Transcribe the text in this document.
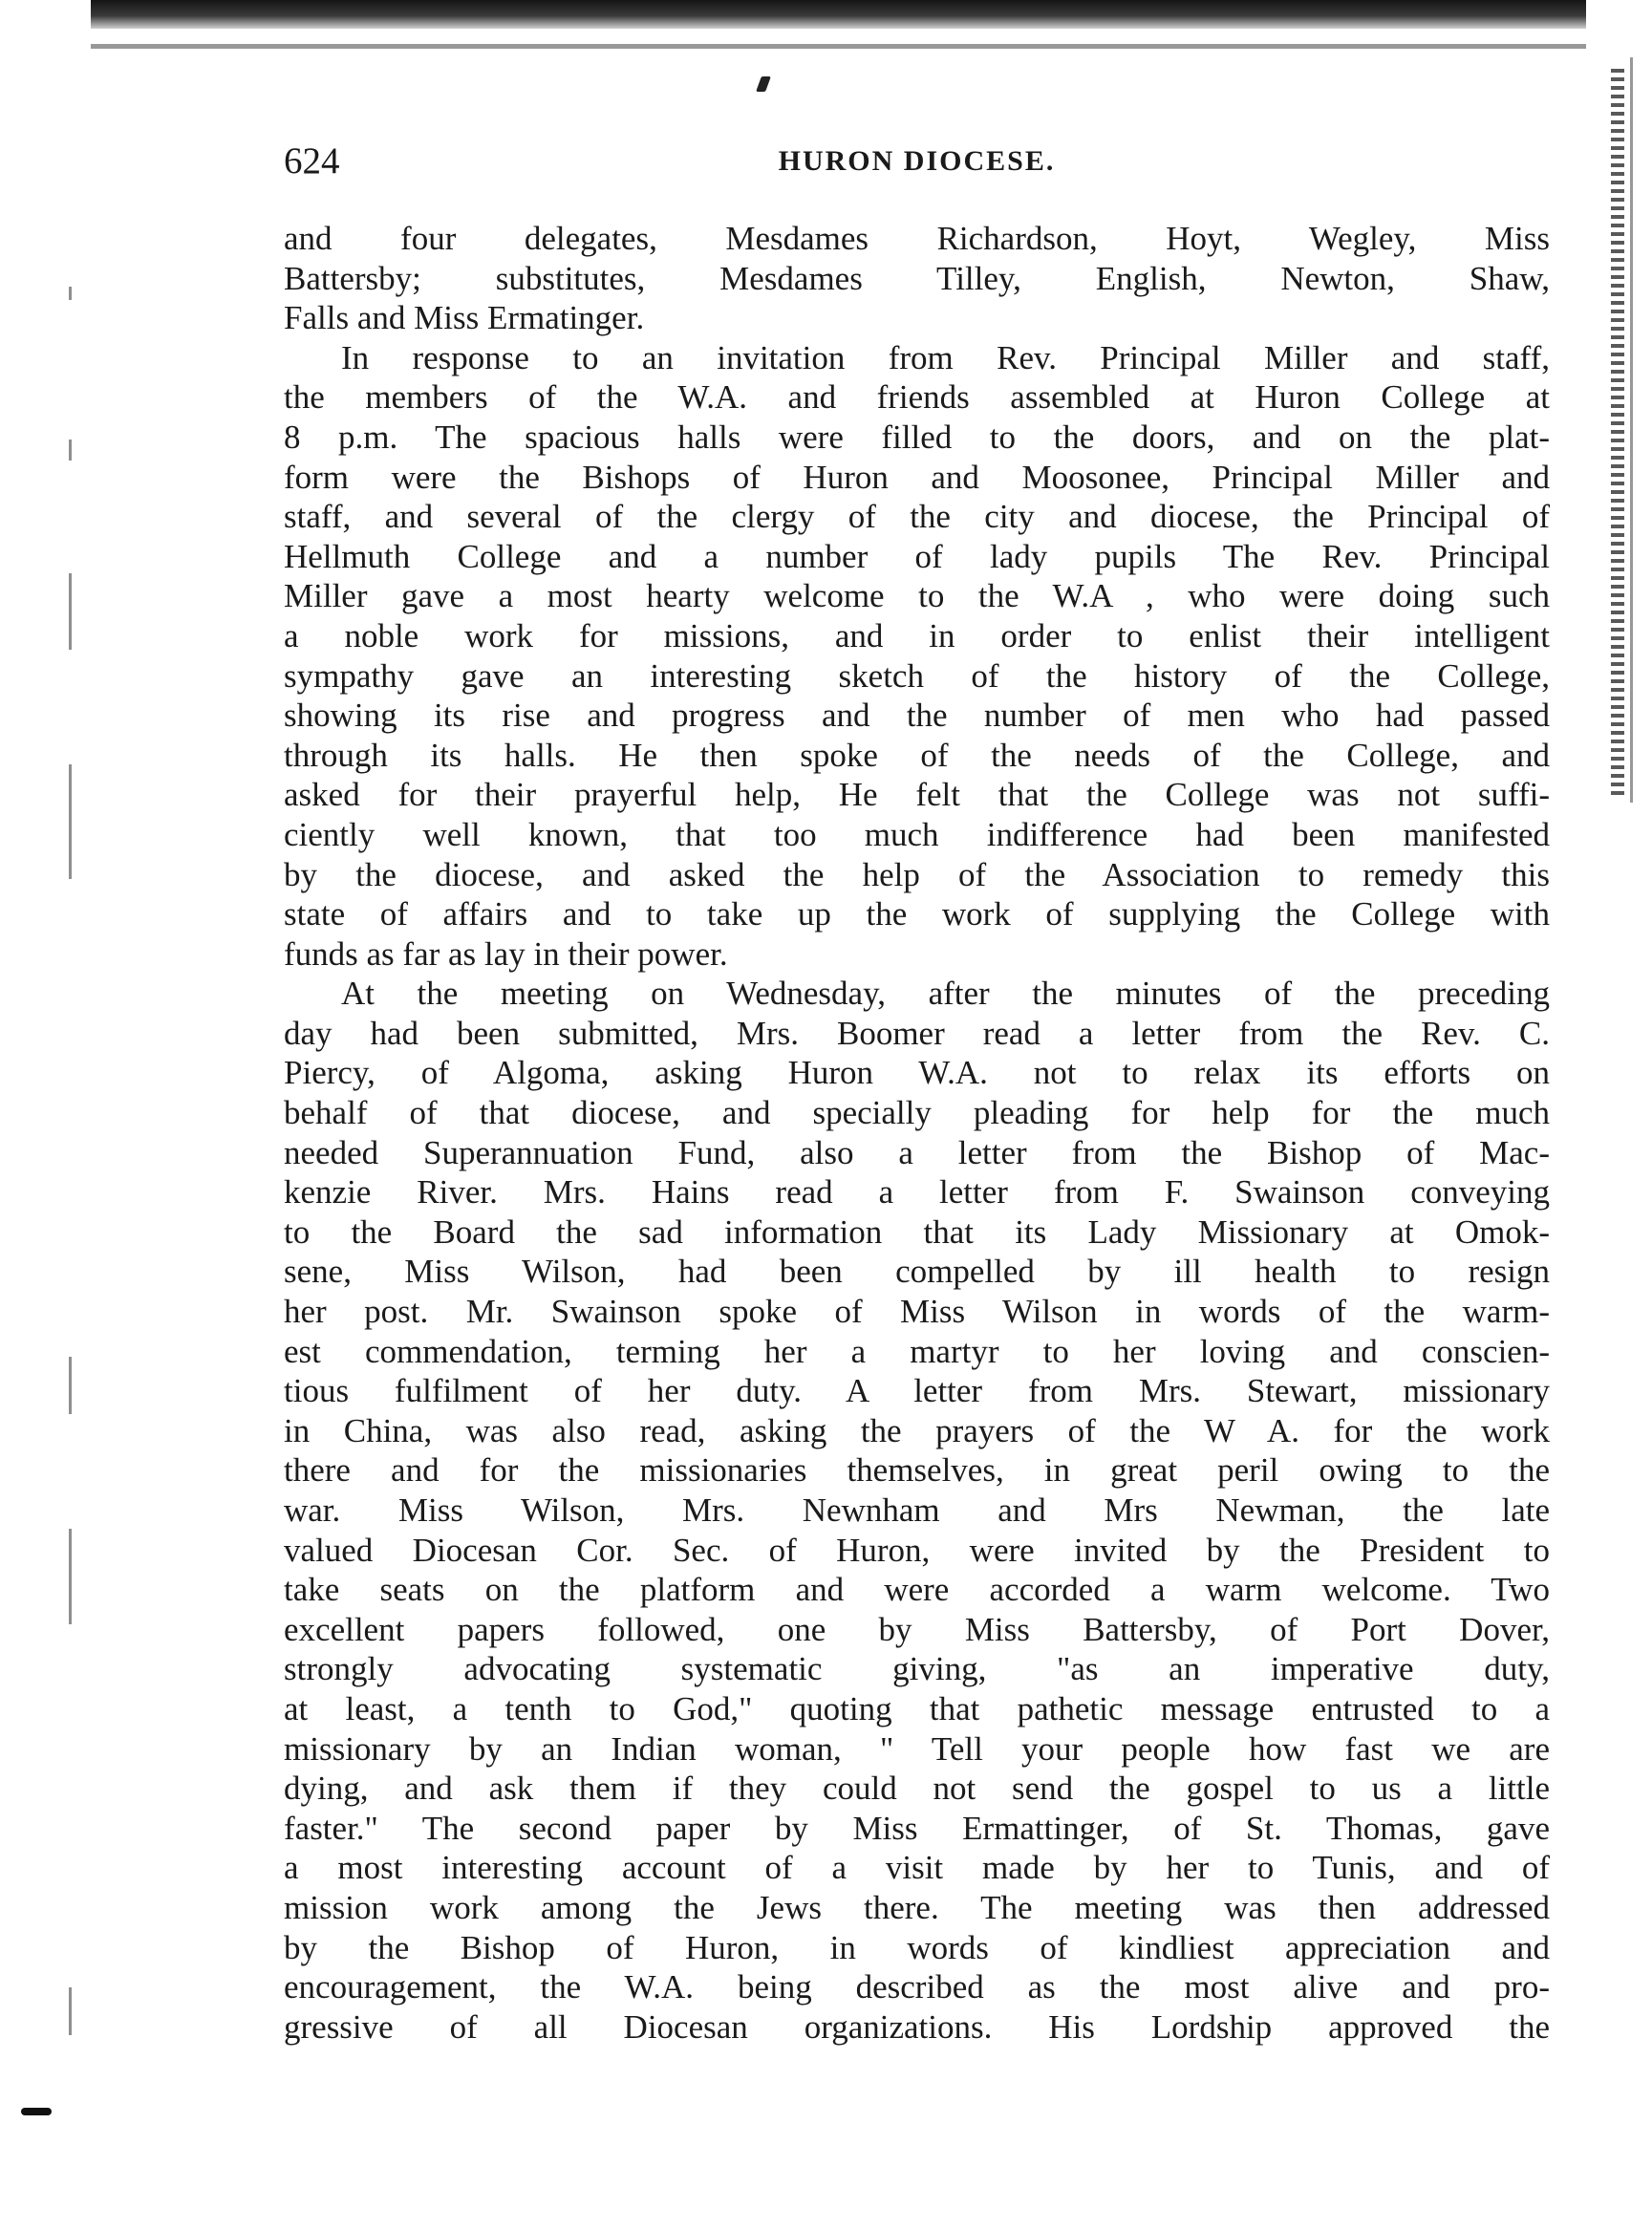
624	HURON DIOCESE.
and four delegates, Mesdames Richardson, Hoyt, Wegley, Miss
Battersby; substitutes, Mesdames Tilley, English, Newton, Shaw,
Falls and Miss Ermatinger.
In response to an invitation from Rev. Principal Miller and staff,
the members of the W.A. and friends assembled at Huron College at
8 p.m. The spacious halls were filled to the doors, and on the plat-
form were the Bishops of Huron and Moosonee, Principal Miller and
staff, and several of the clergy of the city and diocese, the Principal of
Hellmuth College and a number of lady pupils The Rev. Principal
Miller gave a most hearty welcome to the W.A , who were doing such
a noble work for missions, and in order to enlist their intelligent
sympathy gave an interesting sketch of the history of the College,
showing its rise and progress and the number of men who had passed
through its halls. He then spoke of the needs of the College, and
asked for their prayerful help, He felt that the College was not suffi-
ciently well known, that too much indifference had been manifested
by the diocese, and asked the help of the Association to remedy this
state of affairs and to take up the work of supplying the College with
funds as far as lay in their power.
At the meeting on Wednesday, after the minutes of the preceding
day had been submitted, Mrs. Boomer read a letter from the Rev. C.
Piercy, of Algoma, asking Huron W.A. not to relax its efforts on
behalf of that diocese, and specially pleading for help for the much
needed Superannuation Fund, also a letter from the Bishop of Mac-
kenzie River. Mrs. Hains read a letter from F. Swainson conveying
to the Board the sad information that its Lady Missionary at Omok-
sene, Miss Wilson, had been compelled by ill health to resign
her post. Mr. Swainson spoke of Miss Wilson in words of the warm-
est commendation, terming her a martyr to her loving and conscien-
tious fulfilment of her duty. A letter from Mrs. Stewart, missionary
in China, was also read, asking the prayers of the W A. for the work
there and for the missionaries themselves, in great peril owing to the
war. Miss Wilson, Mrs. Newnham and Mrs Newman, the late
valued Diocesan Cor. Sec. of Huron, were invited by the President to
take seats on the platform and were accorded a warm welcome. Two
excellent papers followed, one by Miss Battersby, of Port Dover,
strongly advocating systematic giving, "as an imperative duty,
at least, a tenth to God," quoting that pathetic message entrusted to a
missionary by an Indian woman, " Tell your people how fast we are
dying, and ask them if they could not send the gospel to us a little
faster." The second paper by Miss Ermattinger, of St. Thomas, gave
a most interesting account of a visit made by her to Tunis, and of
mission work among the Jews there. The meeting was then addressed
by the Bishop of Huron, in words of kindliest appreciation and
encouragement, the W.A. being described as the most alive and pro-
gressive of all Diocesan organizations. His Lordship approved the
